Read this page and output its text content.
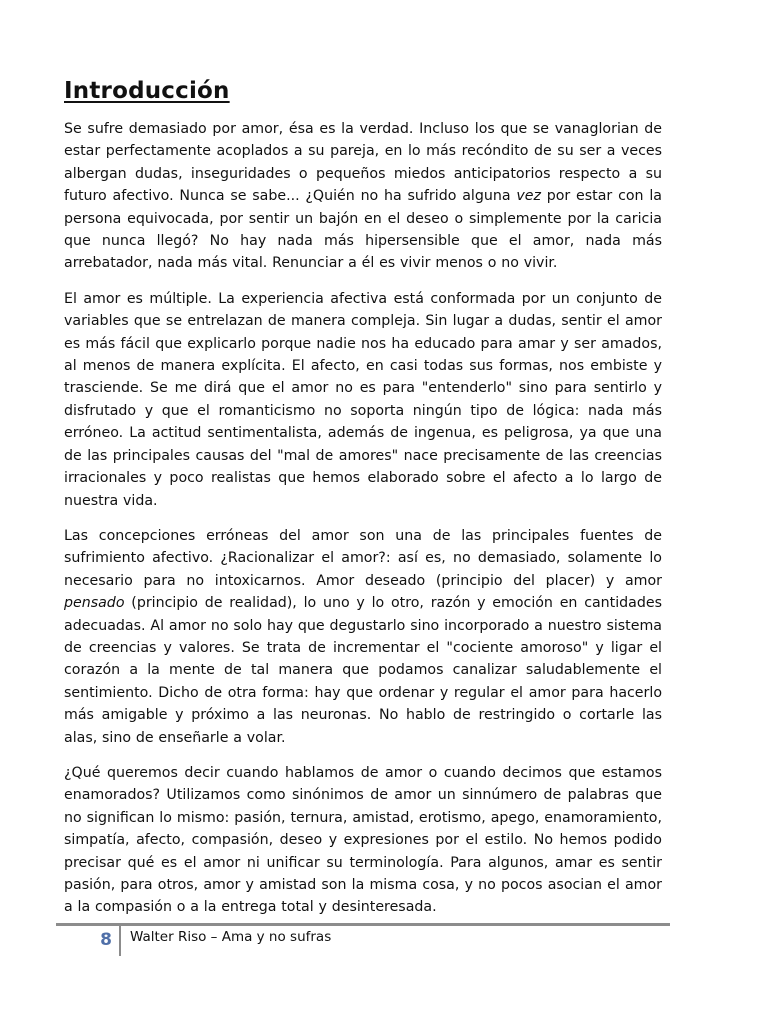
Introducción

Se sufre demasiado por amor, ésa es la verdad. Incluso los que se vanaglorian de estar perfectamente acoplados a su pareja, en lo más recóndito de su ser a veces albergan dudas, inseguridades o pequeños miedos anticipatorios respecto a su futuro afectivo. Nunca se sabe... ¿Quién no ha sufrido alguna vez por estar con la persona equivocada, por sentir un bajón en el deseo o simplemente por la caricia que nunca llegó? No hay nada más hipersensible que el amor, nada más arrebatador, nada más vital. Renunciar a él es vivir menos o no vivir.

El amor es múltiple. La experiencia afectiva está conformada por un conjunto de variables que se entrelazan de manera compleja. Sin lugar a dudas, sentir el amor es más fácil que explicarlo porque nadie nos ha educado para amar y ser amados, al menos de manera explícita. El afecto, en casi todas sus formas, nos embiste y trasciende. Se me dirá que el amor no es para "entenderlo" sino para sentirlo y disfrutado y que el romanticismo no soporta ningún tipo de lógica: nada más erróneo. La actitud sentimentalista, además de ingenua, es peligrosa, ya que una de las principales causas del "mal de amores" nace precisamente de las creencias irracionales y poco realistas que hemos elaborado sobre el afecto a lo largo de nuestra vida.

Las concepciones erróneas del amor son una de las principales fuentes de sufrimiento afectivo. ¿Racionalizar el amor?: así es, no demasiado, solamente lo necesario para no intoxicarnos. Amor deseado (principio del placer) y amor pensado (principio de realidad), lo uno y lo otro, razón y emoción en cantidades adecuadas. Al amor no solo hay que degustarlo sino incorporado a nuestro sistema de creencias y valores. Se trata de incrementar el "cociente amoroso" y ligar el corazón a la mente de tal manera que podamos canalizar saludablemente el sentimiento. Dicho de otra forma: hay que ordenar y regular el amor para hacerlo más amigable y próximo a las neuronas. No hablo de restringido o cortarle las alas, sino de enseñarle a volar.

¿Qué queremos decir cuando hablamos de amor o cuando decimos que estamos enamorados? Utilizamos como sinónimos de amor un sinnúmero de palabras que no significan lo mismo: pasión, ternura, amistad, erotismo, apego, enamoramiento, simpatía, afecto, compasión, deseo y expresiones por el estilo. No hemos podido precisar qué es el amor ni unificar su terminología. Para algunos, amar es sentir pasión, para otros, amor y amistad son la misma cosa, y no pocos asocian el amor a la compasión o a la entrega total y desinteresada.

8	Walter Riso – Ama y no sufras
